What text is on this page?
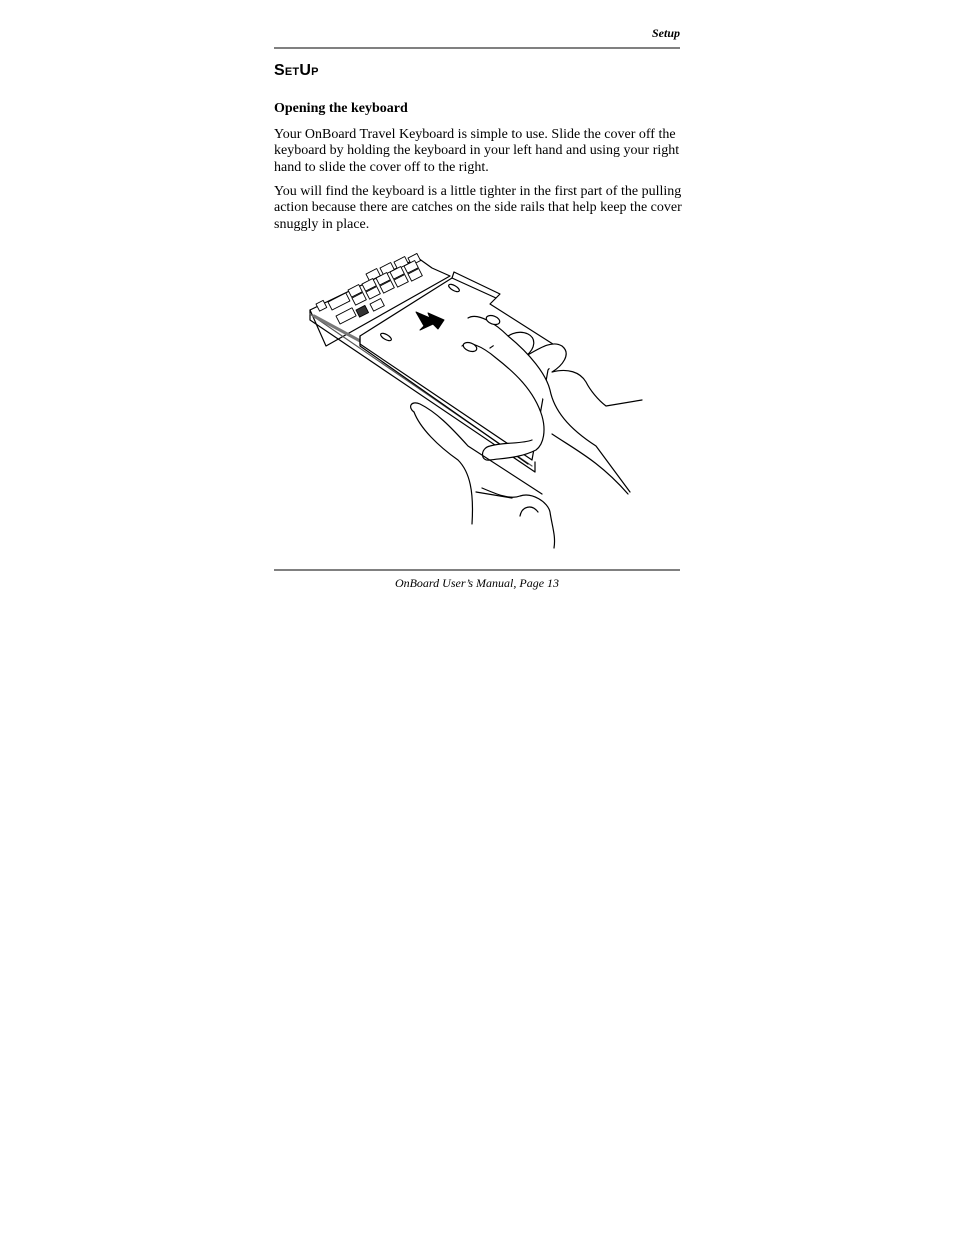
Setup
SetUp
Opening the keyboard

Your OnBoard Travel Keyboard is simple to use. Slide the cover off the keyboard by holding the keyboard in your left hand and using your right hand to slide the cover off to the right.

You will find the keyboard is a little tighter in the first part of the pulling action because there are catches on the side rails that help keep the cover snuggly in place.

OnBoard User’s Manual, Page 13
